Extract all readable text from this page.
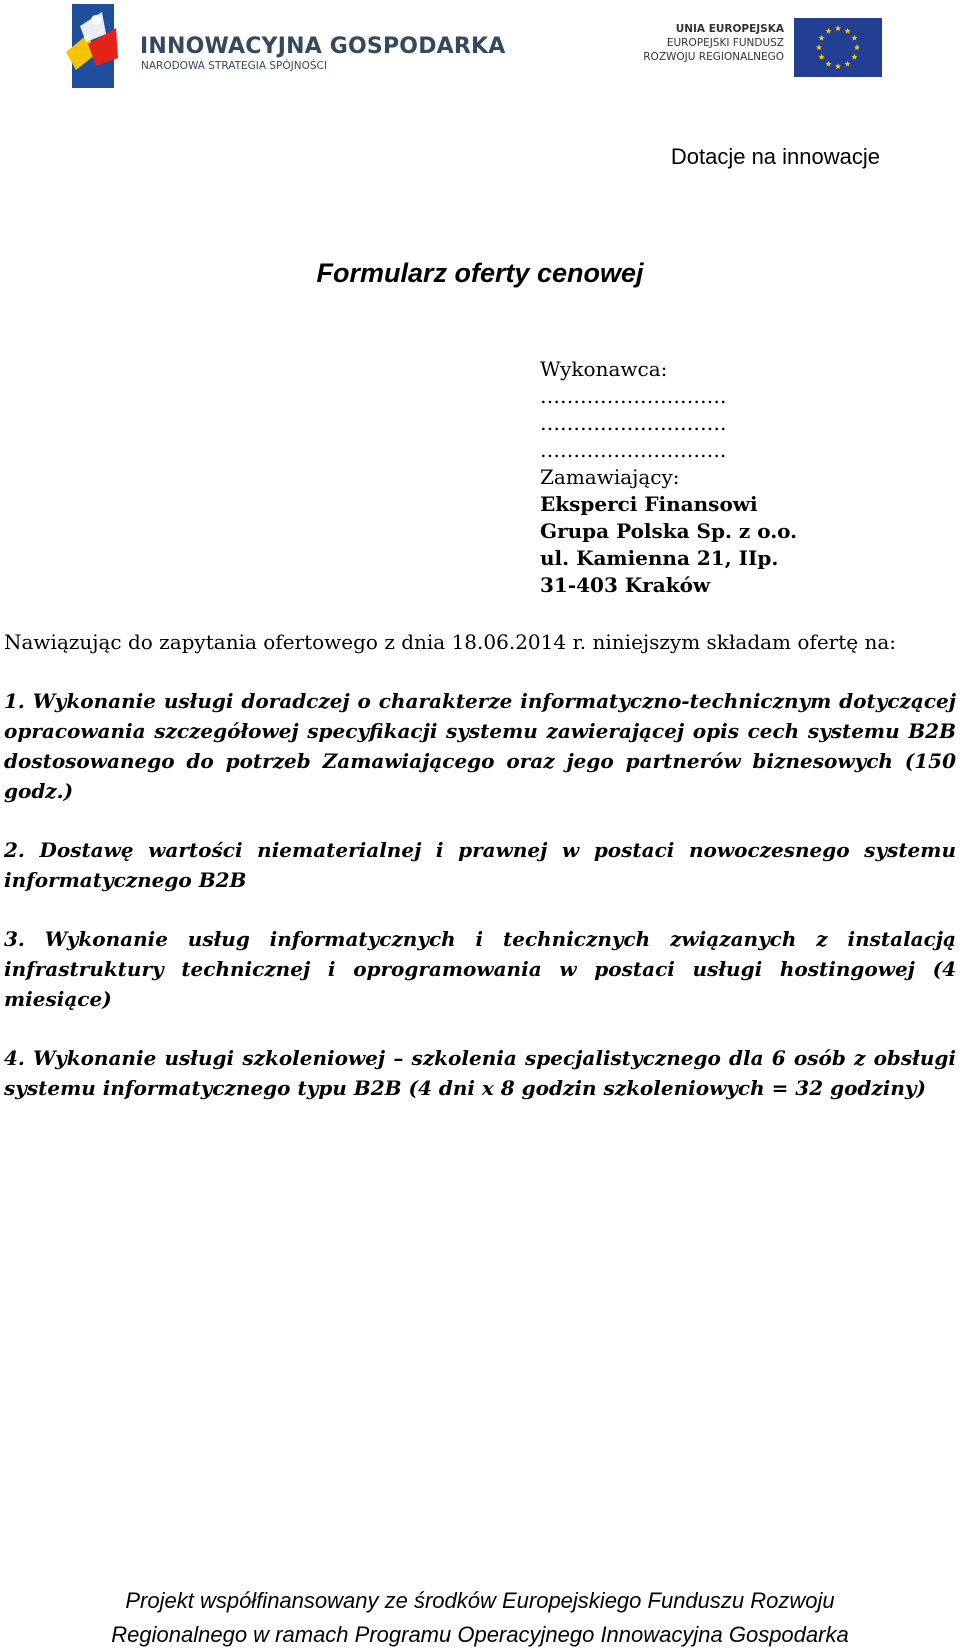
INNOWACYJNA GOSPODARKA
NARODOWA STRATEGIA SPÓJNOŚCI
UNIA EUROPEJSKA
EUROPEJSKI FUNDUSZ
ROZWOJU REGIONALNEGO
Dotacje na innowacje
Formularz oferty cenowej
Wykonawca:
……………………….
……………………….
……………………….
Zamawiający:
Eksperci Finansowi
Grupa Polska Sp. z o.o.
ul. Kamienna 21, IIp.
31-403 Kraków
Nawiązując do zapytania ofertowego z dnia 18.06.2014 r. niniejszym składam ofertę na:

1. Wykonanie usługi doradczej o charakterze informatyczno-technicznym dotyczącej opracowania szczegółowej specyfikacji systemu zawierającej opis cech systemu B2B dostosowanego do potrzeb Zamawiającego oraz jego partnerów biznesowych (150 godz.)

2. Dostawę wartości niematerialnej i prawnej w postaci nowoczesnego systemu informatycznego B2B

3. Wykonanie usług informatycznych i technicznych związanych z instalacją infrastruktury technicznej i oprogramowania w postaci usługi hostingowej (4 miesiące)

4. Wykonanie usługi szkoleniowej – szkolenia specjalistycznego dla 6 osób z obsługi systemu informatycznego typu B2B (4 dni x 8 godzin szkoleniowych = 32 godziny)

Projekt współfinansowany ze środków Europejskiego Funduszu Rozwoju
Regionalnego w ramach Programu Operacyjnego Innowacyjna Gospodarka
